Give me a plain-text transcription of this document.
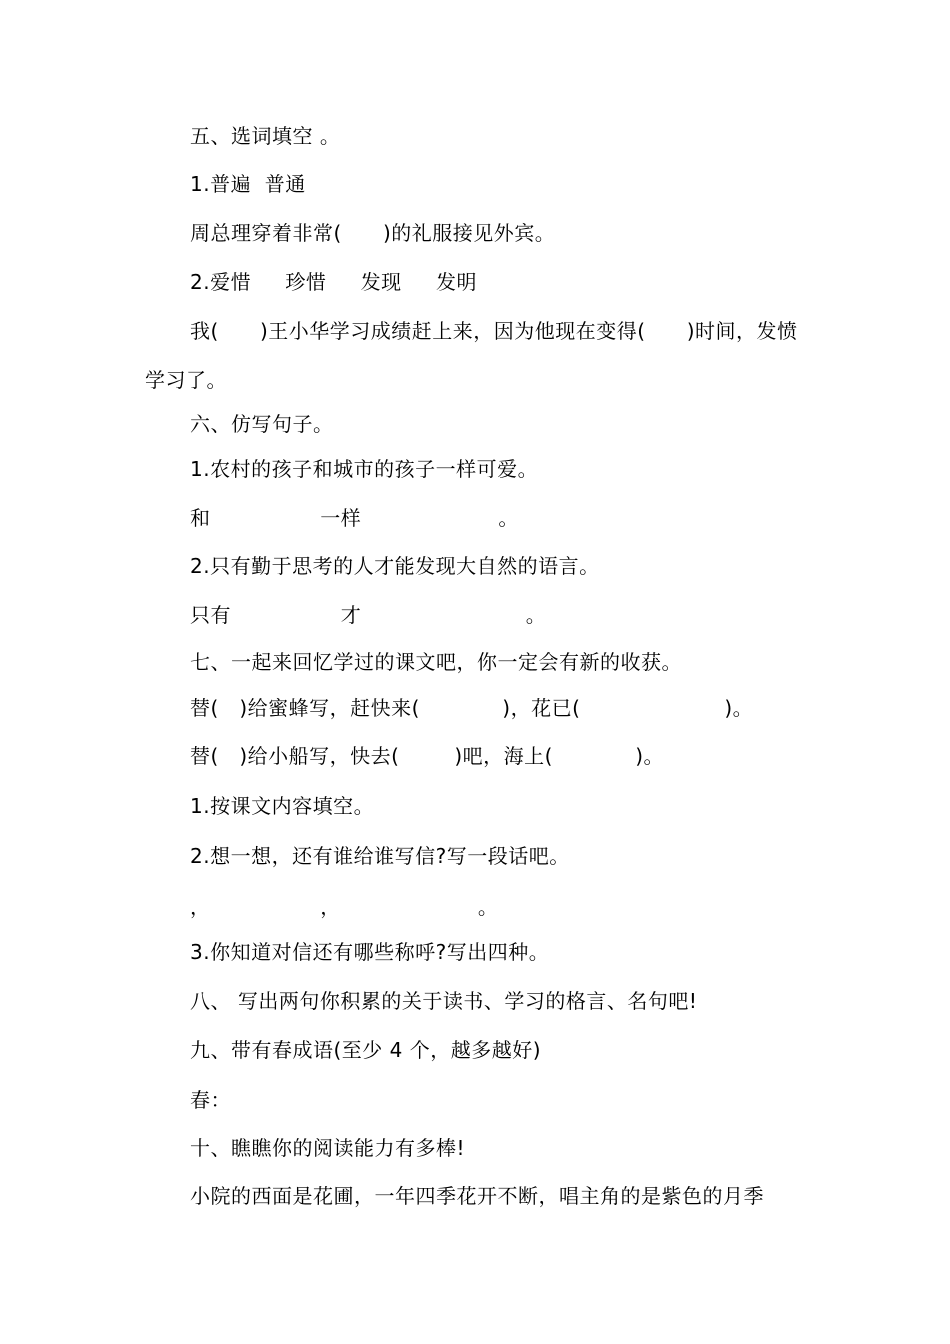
五、选词填空 。
1.普遍  普通
周总理穿着非常(      )的礼服接见外宾。
2.爱惜     珍惜     发现     发明
我(      )王小华学习成绩赶上来，因为他现在变得(      )时间，发愤
学习了。
六、仿写句子。
1.农村的孩子和城市的孩子一样可爱。
和                一样                    。
2.只有勤于思考的人才能发现大自然的语言。
只有                才                        。
七、一起来回忆学过的课文吧，你一定会有新的收获。
替(   )给蜜蜂写，赶快来(            )，花已(                     )。
替(   )给小船写，快去(        )吧，海上(            )。
1.按课文内容填空。
2.想一想，还有谁给谁写信?写一段话吧。
，                ，                    。
3.你知道对信还有哪些称呼?写出四种。
八、 写出两句你积累的关于读书、学习的格言、名句吧!
九、带有春成语(至少 4 个，越多越好)
春：
十、瞧瞧你的阅读能力有多棒!
小院的西面是花圃，一年四季花开不断，唱主角的是紫色的月季
